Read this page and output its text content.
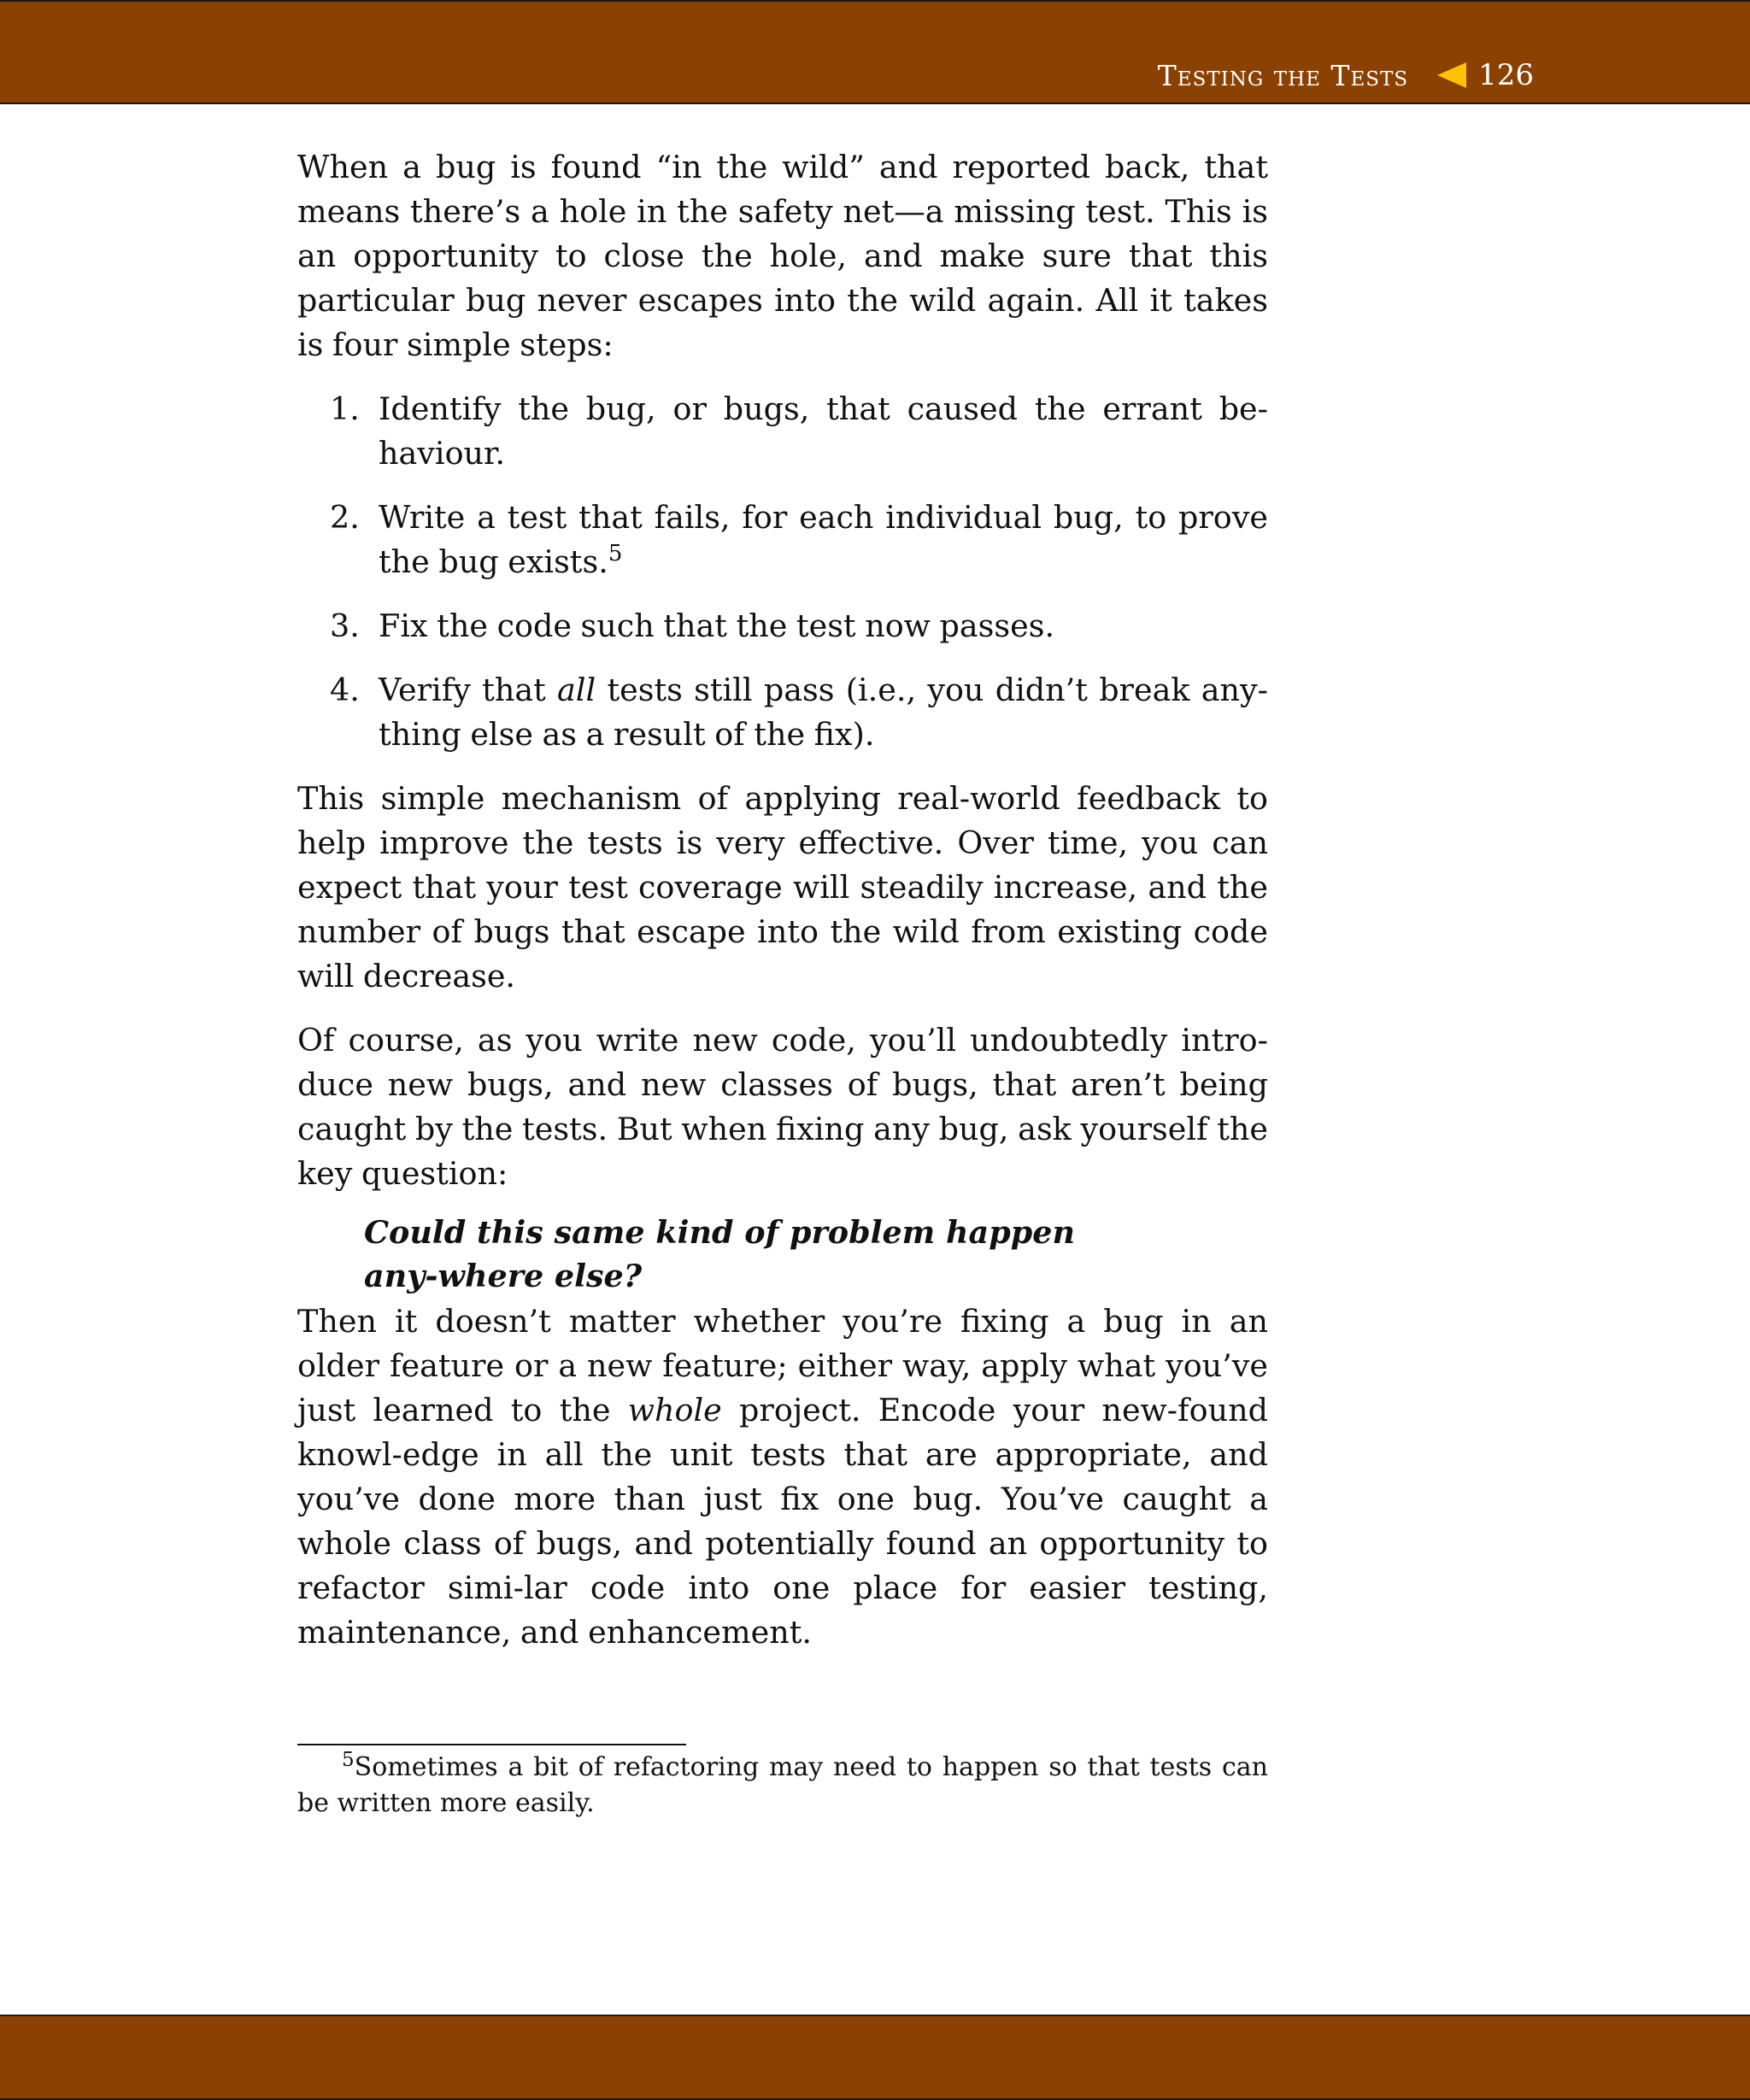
Testing the Tests 126

When a bug is found “in the wild” and reported back, that means there’s a hole in the safety net—a missing test. This is an opportunity to close the hole, and make sure that this particular bug never escapes into the wild again. All it takes is four simple steps:

1. Identify the bug, or bugs, that caused the errant be-haviour.
2. Write a test that fails, for each individual bug, to prove the bug exists.$^5$
3. Fix the code such that the test now passes.
4. Verify that all tests still pass (i.e., you didn’t break any-thing else as a result of the fix).

This simple mechanism of applying real-world feedback to help improve the tests is very effective. Over time, you can expect that your test coverage will steadily increase, and the number of bugs that escape into the wild from existing code will decrease.

Of course, as you write new code, you’ll undoubtedly intro-duce new bugs, and new classes of bugs, that aren’t being caught by the tests. But when fixing any bug, ask yourself the key question:

Could this same kind of problem happen any-where else?

Then it doesn’t matter whether you’re fixing a bug in an older feature or a new feature; either way, apply what you’ve just learned to the whole project. Encode your new-found knowl-edge in all the unit tests that are appropriate, and you’ve done more than just fix one bug. You’ve caught a whole class of bugs, and potentially found an opportunity to refactor simi-lar code into one place for easier testing, maintenance, and enhancement.

$^5$Sometimes a bit of refactoring may need to happen so that tests can be written more easily.
